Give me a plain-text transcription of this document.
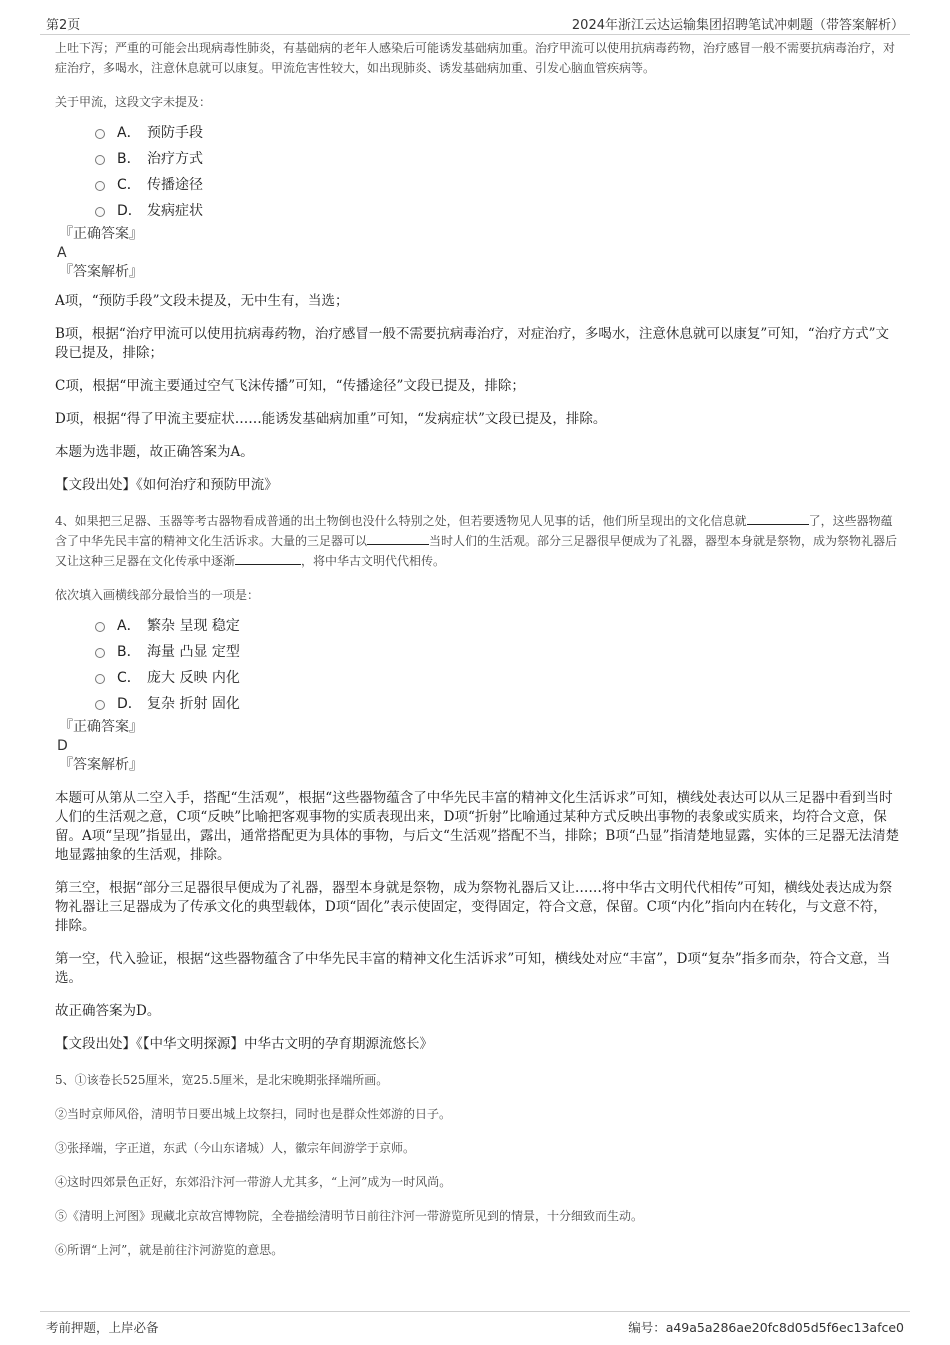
第2页	2024年浙江云达运输集团招聘笔试冲刺题（带答案解析）

上吐下泻；严重的可能会出现病毒性肺炎，有基础病的老年人感染后可能诱发基础病加重。治疗甲流可以使用抗病毒药物，治疗感冒一般不需要抗病毒治疗，对症治疗，多喝水，注意休息就可以康复。甲流危害性较大，如出现肺炎、诱发基础病加重、引发心脑血管疾病等。

关于甲流，这段文字未提及：

A． 预防手段
B． 治疗方式
C． 传播途径
D． 发病症状

『正确答案』

A

『答案解析』

A项，“预防手段”文段未提及，无中生有，当选；

B项，根据“治疗甲流可以使用抗病毒药物，治疗感冒一般不需要抗病毒治疗，对症治疗，多喝水，注意休息就可以康复”可知，“治疗方式”文段已提及，排除；

C项，根据“甲流主要通过空气飞沫传播”可知，“传播途径”文段已提及，排除；

D项，根据“得了甲流主要症状……能诱发基础病加重”可知，“发病症状”文段已提及，排除。

本题为选非题，故正确答案为A。

【文段出处】《如何治疗和预防甲流》

4、如果把三足器、玉器等考古器物看成普通的出土物倒也没什么特别之处，但若要透物见人见事的话，他们所呈现出的文化信息就	了，这些器物蕴含了中华先民丰富的精神文化生活诉求。大量的三足器可以	当时人们的生活观。部分三足器很早便成为了礼器，器型本身就是祭物，成为祭物礼器后又让这种三足器在文化传承中逐渐	，将中华古文明代代相传。

依次填入画横线部分最恰当的一项是：

A． 繁杂 呈现 稳定
B． 海量 凸显 定型
C． 庞大 反映 内化
D． 复杂 折射 固化

『正确答案』

D

『答案解析』

本题可从第从二空入手，搭配“生活观”，根据“这些器物蕴含了中华先民丰富的精神文化生活诉求”可知，横线处表达可以从三足器中看到当时人们的生活观之意，C项“反映”比喻把客观事物的实质表现出来，D项“折射”比喻通过某种方式反映出事物的表象或实质来，均符合文意，保留。A项“呈现”指显出，露出，通常搭配更为具体的事物，与后文“生活观”搭配不当，排除；B项“凸显”指清楚地显露，实体的三足器无法清楚地显露抽象的生活观，排除。

第三空，根据“部分三足器很早便成为了礼器，器型本身就是祭物，成为祭物礼器后又让……将中华古文明代代相传”可知，横线处表达成为祭物礼器让三足器成为了传承文化的典型载体，D项“固化”表示使固定，变得固定，符合文意，保留。C项“内化”指向内在转化，与文意不符，排除。

第一空，代入验证，根据“这些器物蕴含了中华先民丰富的精神文化生活诉求”可知，横线处对应“丰富”，D项“复杂”指多而杂，符合文意，当选。

故正确答案为D。

【文段出处】《【中华文明探源】中华古文明的孕育期源流悠长》

5、①该卷长525厘米，宽25.5厘米，是北宋晚期张择端所画。

②当时京师风俗，清明节日要出城上坟祭扫，同时也是群众性郊游的日子。

③张择端，字正道，东武（今山东诸城）人，徽宗年间游学于京师。

④这时四郊景色正好，东郊沿汴河一带游人尤其多，“上河”成为一时风尚。

⑤《清明上河图》现藏北京故宫博物院，全卷描绘清明节日前往汴河一带游览所见到的情景，十分细致而生动。

⑥所谓“上河”，就是前往汴河游览的意思。

考前押题，上岸必备	编号：a49a5a286ae20fc8d05d5f6ec13afce0
